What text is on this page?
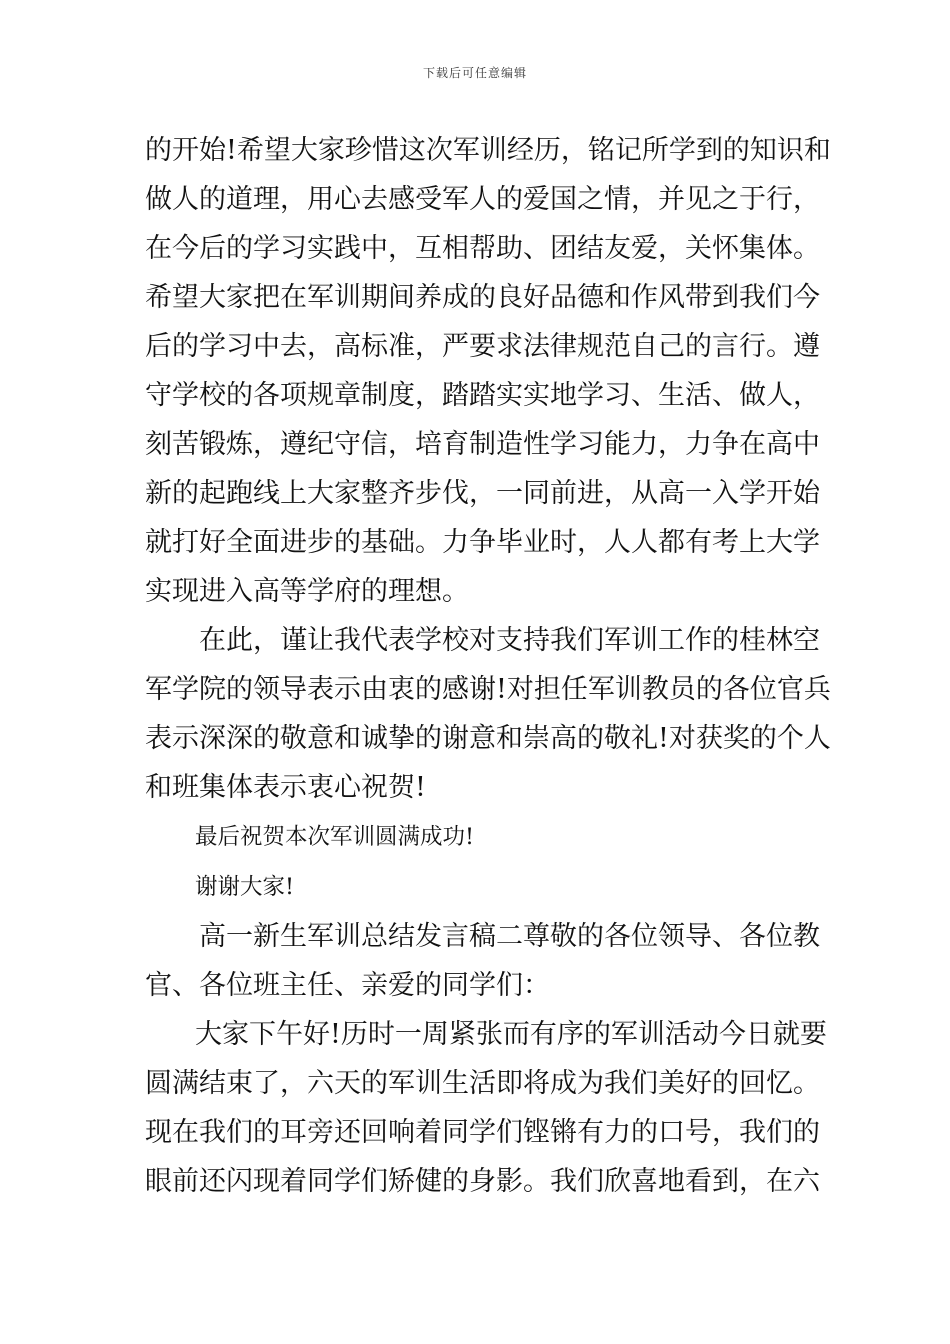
下载后可任意编辑
的开始!希望大家珍惜这次军训经历，铭记所学到的知识和
做人的道理，用心去感受军人的爱国之情，并见之于行，
在今后的学习实践中，互相帮助、团结友爱，关怀集体。
希望大家把在军训期间养成的良好品德和作风带到我们今
后的学习中去，高标准，严要求法律规范自己的言行。遵
守学校的各项规章制度，踏踏实实地学习、生活、做人，
刻苦锻炼，遵纪守信，培育制造性学习能力，力争在高中
新的起跑线上大家整齐步伐，一同前进，从高一入学开始
就打好全面进步的基础。力争毕业时，人人都有考上大学
实现进入高等学府的理想。
在此，谨让我代表学校对支持我们军训工作的桂林空
军学院的领导表示由衷的感谢!对担任军训教员的各位官兵
表示深深的敬意和诚挚的谢意和崇高的敬礼!对获奖的个人
和班集体表示衷心祝贺!
最后祝贺本次军训圆满成功!
谢谢大家!
高一新生军训总结发言稿二尊敬的各位领导、各位教
官、各位班主任、亲爱的同学们：
大家下午好!历时一周紧张而有序的军训活动今日就要
圆满结束了，六天的军训生活即将成为我们美好的回忆。
现在我们的耳旁还回响着同学们铿锵有力的口号，我们的
眼前还闪现着同学们矫健的身影。我们欣喜地看到，在六
